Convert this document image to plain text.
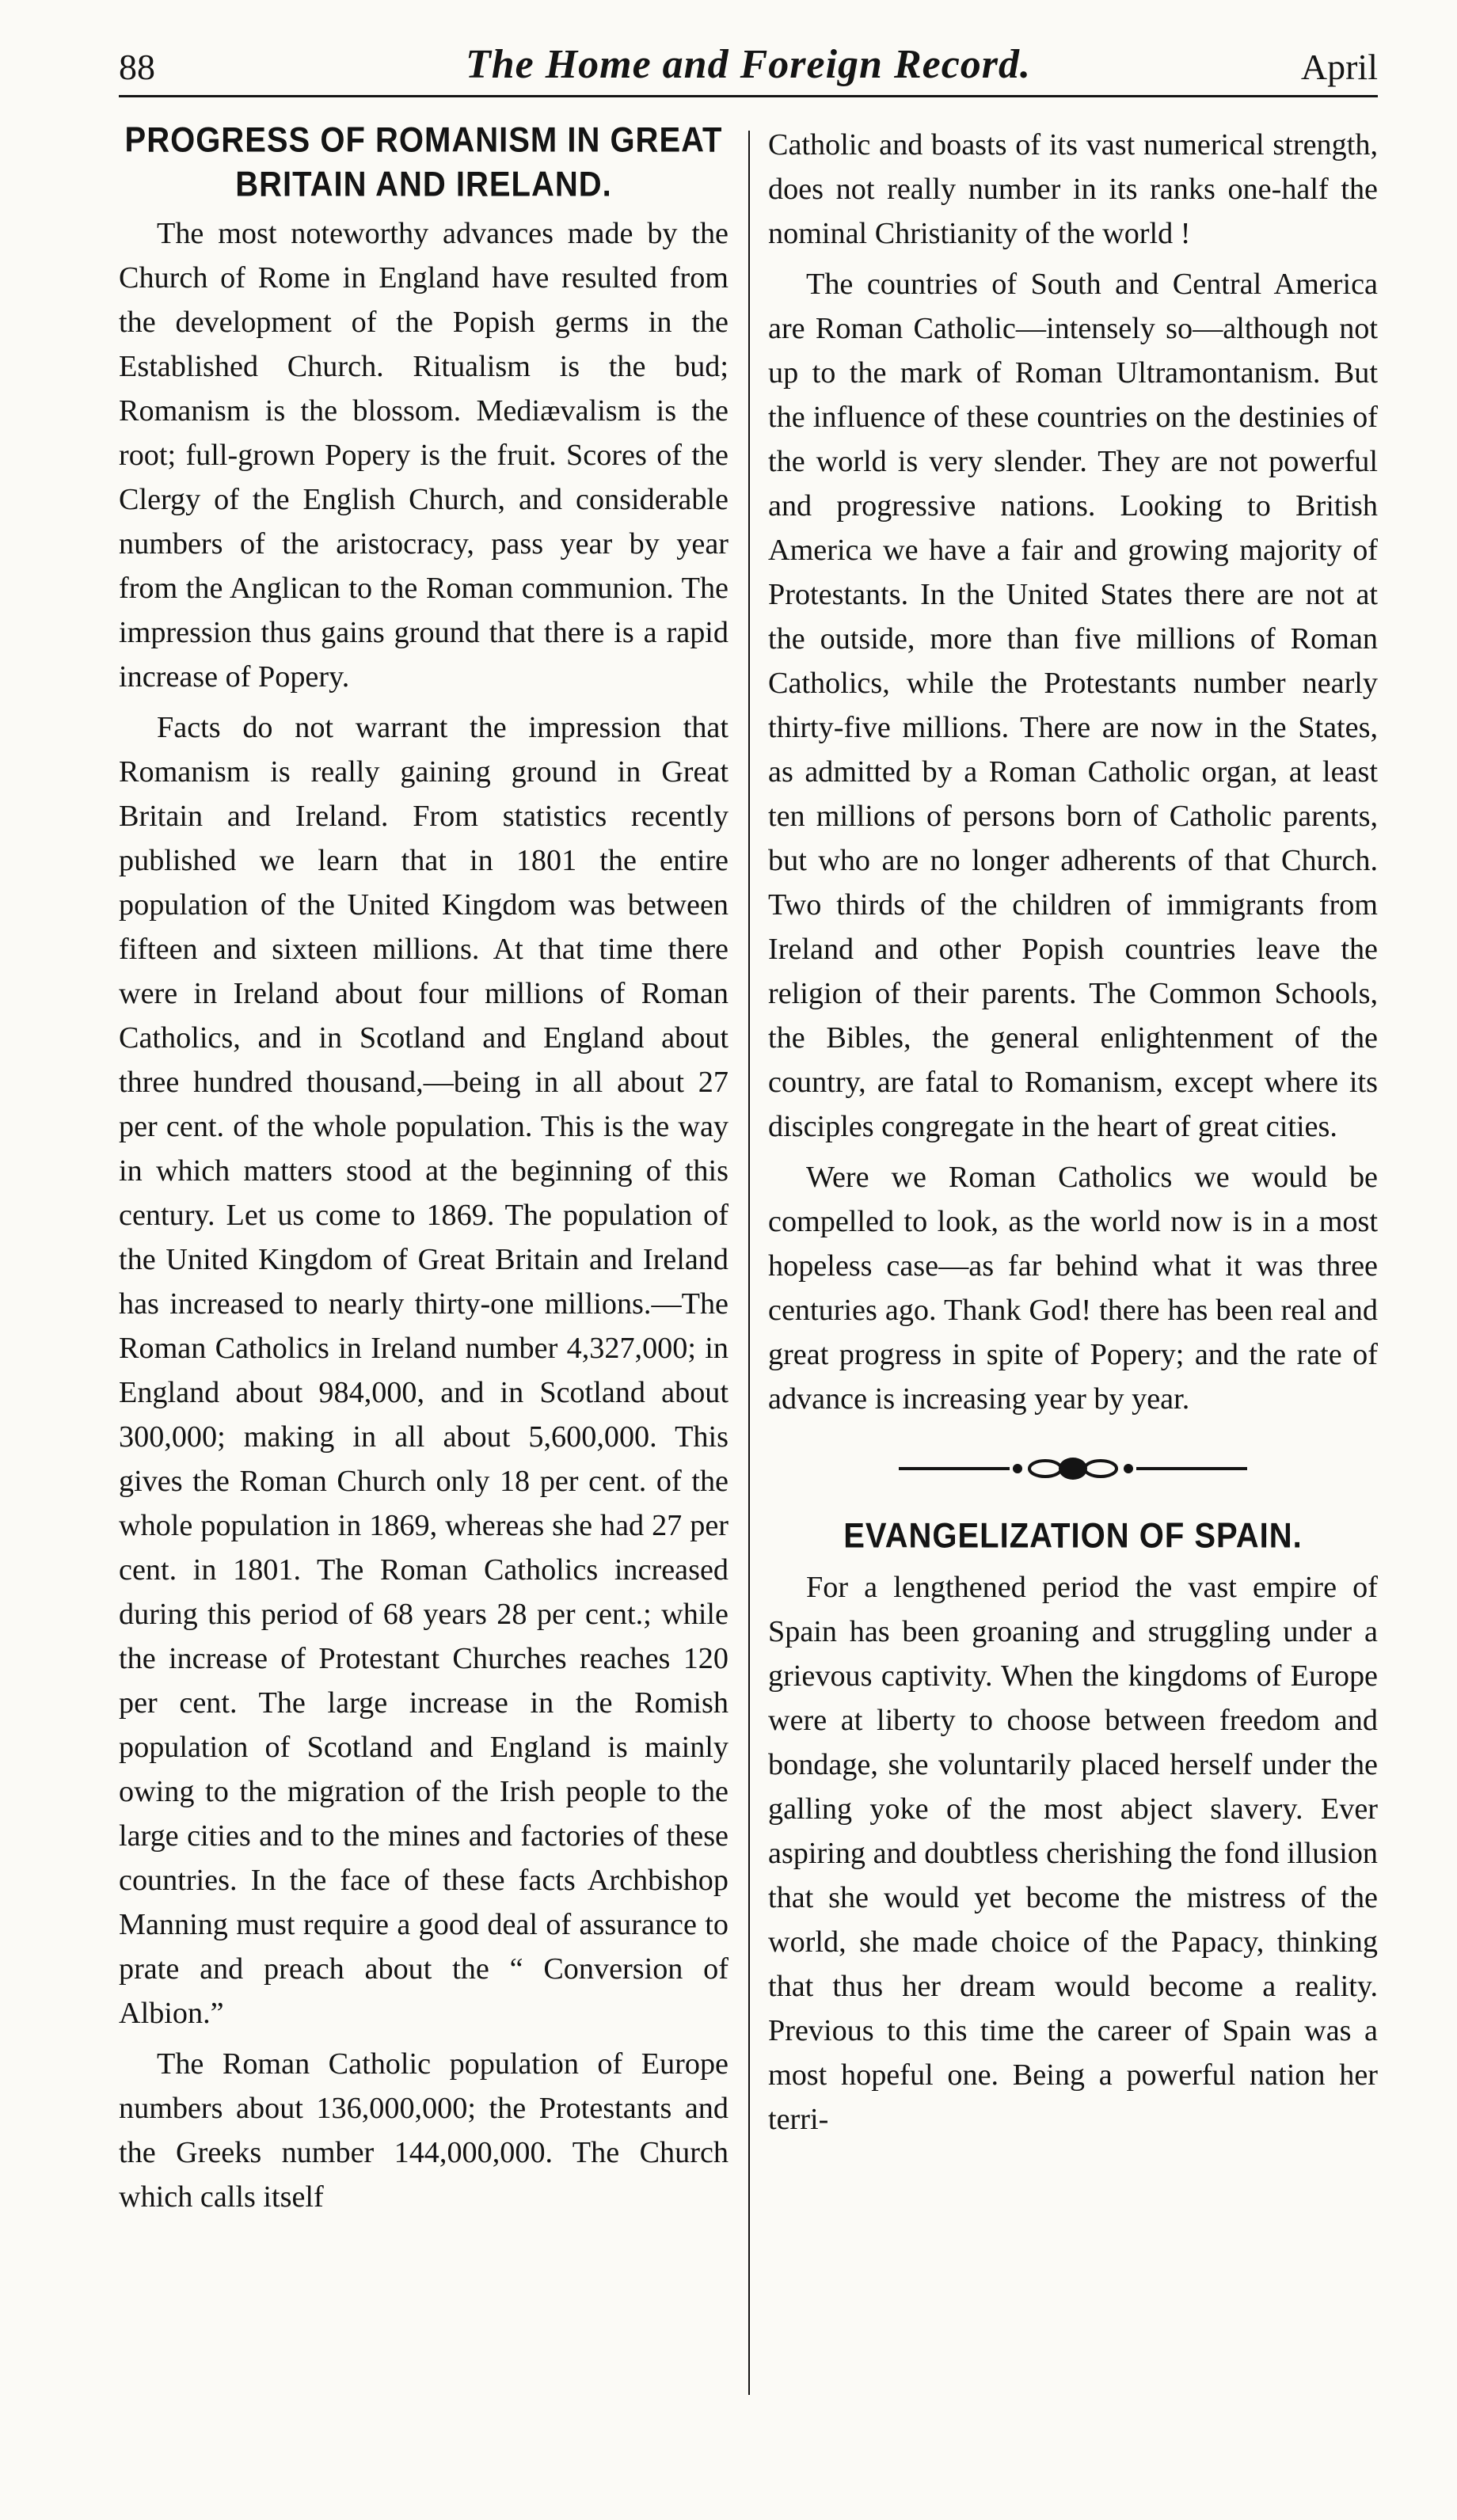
88	The Home and Foreign Record.	April
PROGRESS OF ROMANISM IN GREAT BRITAIN AND IRELAND.

The most noteworthy advances made by the Church of Rome in England have resulted from the development of the Popish germs in the Established Church. Ritualism is the bud; Romanism is the blossom. Mediævalism is the root; full-grown Popery is the fruit. Scores of the Clergy of the English Church, and considerable numbers of the aristocracy, pass year by year from the Anglican to the Roman communion. The impression thus gains ground that there is a rapid increase of Popery.

Facts do not warrant the impression that Romanism is really gaining ground in Great Britain and Ireland. From statistics recently published we learn that in 1801 the entire population of the United Kingdom was between fifteen and sixteen millions. At that time there were in Ireland about four millions of Roman Catholics, and in Scotland and England about three hundred thousand,—being in all about 27 per cent. of the whole population. This is the way in which matters stood at the beginning of this century. Let us come to 1869. The population of the United Kingdom of Great Britain and Ireland has increased to nearly thirty-one millions.—The Roman Catholics in Ireland number 4,327,000; in England about 984,000, and in Scotland about 300,000; making in all about 5,600,000. This gives the Roman Church only 18 per cent. of the whole population in 1869, whereas she had 27 per cent. in 1801. The Roman Catholics increased during this period of 68 years 28 per cent.; while the increase of Protestant Churches reaches 120 per cent. The large increase in the Romish population of Scotland and England is mainly owing to the migration of the Irish people to the large cities and to the mines and factories of these countries. In the face of these facts Archbishop Manning must require a good deal of assurance to prate and preach about the “ Conversion of Albion.”

The Roman Catholic population of Europe numbers about 136,000,000; the Protestants and the Greeks number 144,000,000. The Church which calls itself

Catholic and boasts of its vast numerical strength, does not really number in its ranks one-half the nominal Christianity of the world !

The countries of South and Central America are Roman Catholic—intensely so—although not up to the mark of Roman Ultramontanism. But the influence of these countries on the destinies of the world is very slender. They are not powerful and progressive nations. Looking to British America we have a fair and growing majority of Protestants. In the United States there are not at the outside, more than five millions of Roman Catholics, while the Protestants number nearly thirty-five millions. There are now in the States, as admitted by a Roman Catholic organ, at least ten millions of persons born of Catholic parents, but who are no longer adherents of that Church. Two thirds of the children of immigrants from Ireland and other Popish countries leave the religion of their parents. The Common Schools, the Bibles, the general enlightenment of the country, are fatal to Romanism, except where its disciples congregate in the heart of great cities.

Were we Roman Catholics we would be compelled to look, as the world now is in a most hopeless case—as far behind what it was three centuries ago. Thank God! there has been real and great progress in spite of Popery; and the rate of advance is increasing year by year.

EVANGELIZATION OF SPAIN.

For a lengthened period the vast empire of Spain has been groaning and struggling under a grievous captivity. When the kingdoms of Europe were at liberty to choose between freedom and bondage, she voluntarily placed herself under the galling yoke of the most abject slavery. Ever aspiring and doubtless cherishing the fond illusion that she would yet become the mistress of the world, she made choice of the Papacy, thinking that thus her dream would become a reality. Previous to this time the career of Spain was a most hopeful one. Being a powerful nation her terri-
